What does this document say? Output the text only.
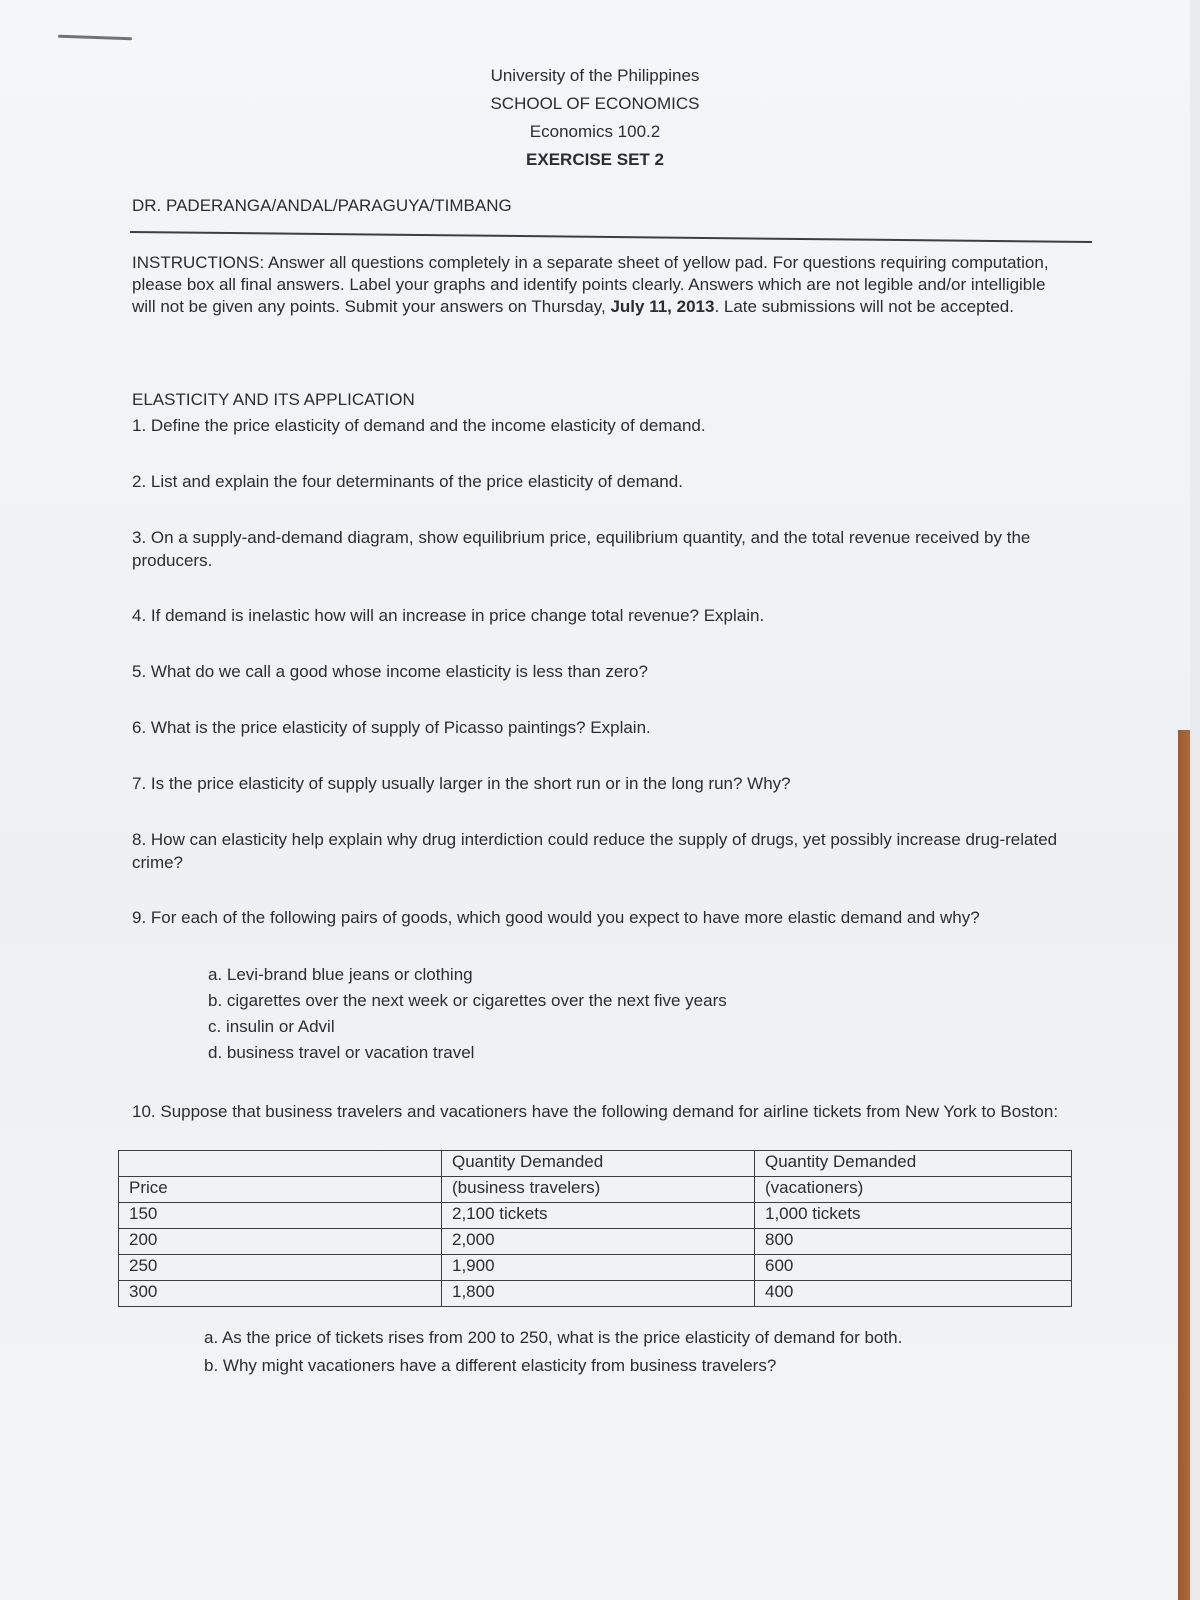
University of the Philippines
SCHOOL OF ECONOMICS
Economics 100.2
EXERCISE SET 2
DR. PADERANGA/ANDAL/PARAGUYA/TIMBANG
INSTRUCTIONS: Answer all questions completely in a separate sheet of yellow pad. For questions requiring computation, please box all final answers. Label your graphs and identify points clearly. Answers which are not legible and/or intelligible will not be given any points. Submit your answers on Thursday, July 11, 2013. Late submissions will not be accepted.
ELASTICITY AND ITS APPLICATION
1. Define the price elasticity of demand and the income elasticity of demand.
2. List and explain the four determinants of the price elasticity of demand.
3. On a supply-and-demand diagram, show equilibrium price, equilibrium quantity, and the total revenue received by the producers.
4. If demand is inelastic how will an increase in price change total revenue? Explain.
5. What do we call a good whose income elasticity is less than zero?
6. What is the price elasticity of supply of Picasso paintings? Explain.
7. Is the price elasticity of supply usually larger in the short run or in the long run? Why?
8. How can elasticity help explain why drug interdiction could reduce the supply of drugs, yet possibly increase drug-related crime?
9. For each of the following pairs of goods, which good would you expect to have more elastic demand and why?
a. Levi-brand blue jeans or clothing
b. cigarettes over the next week or cigarettes over the next five years
c. insulin or Advil
d. business travel or vacation travel
10. Suppose that business travelers and vacationers have the following demand for airline tickets from New York to Boston:
	Quantity Demanded	Quantity Demanded
Price	(business travelers)	(vacationers)
150	2,100 tickets	1,000 tickets
200	2,000	800
250	1,900	600
300	1,800	400
a. As the price of tickets rises from 200 to 250, what is the price elasticity of demand for both.
b. Why might vacationers have a different elasticity from business travelers?
